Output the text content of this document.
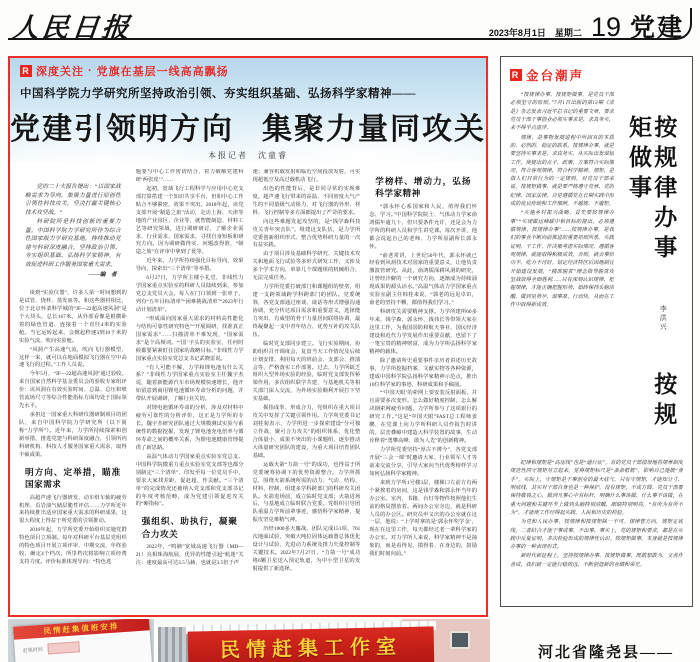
人民日报	2023年8月1日　 星期二 19 党建
R 深度关注 · 党旗在基层一线高高飘扬
中国科学院力学研究所坚持政治引领、夯实组织基础、弘扬科学家精神——
党建引领明方向 集聚力量同攻关
本报记者　沈童睿

党的二十大报告提出：“以国家战略需求为导向，集聚力量进行原创性引领性科技攻关，坚决打赢关键核心技术攻坚战。”

科研院所是科技创新的重要力量。中国科学院力学研究所作为综合性国家级力学研究基地，持续推动党建与科研深度融合，坚持政治引领、夯实组织基础、弘扬科学家精神，有效促进科研工作服务国家重大需求。

——编　者

谈到“实验仪器”，许多人第一时间想到的是试管、烧杯、蒸发皿等。和这些器材相比，位于北京怀柔科学城的“JF—22超高速风洞”是个大块头，总长167米。从外部看像是根横卧着的绿色管道，连接着一个直径4米的实验舱。当它运转起来，会掀起秒速3到10千米的实验气流，吹向实验舱。

“风洞产生高速气流，吹向飞行器模型，这样一来，就可以在地面模拟飞行器在空中高速飞行的过程。”工作人员说。

今年5月，“JF—22超高速风洞”通过验收。来自国家自然科学基金委员会的验收专家组评价：该风洞在有效实验时间、总温、总压和喷管流场尺寸等综合性能指标方面均处于国际领先水平。

承担这一国家重大科研仪器研制项目的团队，来自中国科学院力学研究所（以下简称“力学所”）。近年来，力学所持续探索和创新举措，推进党建与科研深度融合，引领所内科研机构、科技人才服务国家重大需求，取得丰硕成果。

明方向、定举措，瞄准国家需求

高超声速飞行器研发、动车组车轴的疲劳机理、页岩油气储层脆性评估……力学所近年来持续推出适应国家重大需求的科研成果，这很大程度上得益于所党委的引领推动。

2016年起，力学所党委开始组织实施党群特色项目立项制。每年对科研平台基层党组织的特色项目开展立项评审、中期交流、年终验收，确定4个档次，所里档次将影响立项经费支持力度。评价标准体现导向：“特色选

题要与中心工作密切结合，着力破解党建科研‘两张皮’”……

起初，宽域飞行工程科学与应用中心党支部打算搭建一个知识共享平台，但和中心工作贴合不够紧密，效果不突出。2018年起，该党支部开展“制造之旅”活动，走访上海、天津等地的产业园区、企业等，就智能制造、材料工艺等研究领域，进行调研研讨，了解企业需求、行业需求、国家需求，寻找自身短板和研究方向。因为调研做得实、问题改得准，“制造之旅”在评审中拿到了优等。

近年来，力学所持续强化目标导向、效果导向，探索出“三个清单”等举措。

6月27日，力学所主楼小礼堂，非线性力学国家重点实验室的科研人员陆续到来，参加党总支党员大会。每人在门口领到一张单子，列有“五年目标清单”“困难挑战清单”“2023年行动计划清单”。

“形成面向国家重大需求的材料高性能化与结构可靠性研究特色”“开展调研，找准真正国家需求”……扫描清单不难发现，“国家需求”是个高频词。“‘国’字头的实验室，任何时候都要紧紧盯住国家的战略目标。”非线性力学国家重点实验室党总支书记武晓雷说。

“有人可能不解，力学和锂电池有什么关系？”非线性力学国家重点实验室主任魏宇杰说，随着新能源汽车市场规模快速增长，他开始留意到商用锂电池循环寿命分析的问题，并带队开展调研，了解行业关切。

对锂电池循环寿命的分析，涉及对材料中疲劳可靠性的分析评价，这正是力学所的专长。魏宇杰研究团队通过大规模测试实验与系统性的数据挖掘，发现了锂电池充电倍率与循环寿命之间的概率关系，为锂电池健康管理提供了新思路。

高温气体动力学国家重点实验室党总支、中国科学院微重力重点实验室党支部等也都分别制定“三个清单”，印发至每一位党员手中，要求大家找差距、促赶超、作贡献。“三个清单”的完成情况还被纳入党支部和党支部书记的年度考核范畴，成为党建引领促进攻关的“硬指标”。

强组织、助执行，凝聚合力攻关

2022年，“鸣镝”宽域高速飞行器（MD—21）亮相珠海航展，优异的性能引起“航迷”关注：速度最高可达3.5马赫，也就是3.5倍于声

速；兼容机载发射和临近空间投放发射，可实现超低空及高过载机动飞行。

出色的性能背后，是非同寻常的实现难度。超声速飞行带来的高温、不同密度大气产生的不同量级气动阻力，对飞行器的外形、材料、飞行控制等多方面都提出了严苛的要求。

向这些难题发起攻坚的，是“钱学森科技攻关青年突击队”。组建这支队伍，是力学所党委创新组织形式、整合优势科研力量的一次有益实践。

由于项目涉及基础科学研究、关键技术攻关和地面飞行试验等多形式研发工作，又涉及多个学术方向，单靠几个课题组的机械组合，无法完成任务。

力学所党委打破部门和课题组的壁垒，组建一支跨领域跨学科跨部门的团队。党委统筹，各党支部通过座谈、谈话等形式增强沟通协调，充分传达项目需求和重要意义，选择能力突出、有威望的骨干力量居间联络协调，最终凝聚起一支中青年结合、优势互补的攻关队伍。

临时党支部同步建立。飞行实验期间，协助组织召开调度会，复盘当天工作情况及后续计划安排，利用每天的班前会、支部会、推演会等，严格落实工作部署。过去，力学所缺乏组织大型外场实验的经验，临时党支部发挥桥梁作用，多次组织联学共建，与基地机关等相关部门深入交流，为外场实验顺利开展打下坚实基础。

握指成拳、形成合力，党组织在重大项目攻关中发挥了关键引领作用。力学所党委书记刘桂菊表示，力学所进一步探索建设“分可独立作战、聚可合力攻关”的组织体系，优化整合体量小、成果不突出的小课题组，逐步推动大体量研究团队的建设，为重大项目培育团队基础。

运载火箭“力箭一号”的成功，也得益于所党委统筹协调下的优势资源整合。力学所抓总，围绕火箭系统所需的动力、气动、结构、材料、控制，组建多学科跨部门的科研攻关团队。火箭进场前，成立临时党支部；火箭进场后，与基地成立临时联合党委。党组织引导团队重温力学所前辈事迹，感悟科学家精神，提振攻坚克难精气神。

历经1000多天鏖战，团队完成151项、761次地面试验，突破大吨位固体运载器总体优化设计与试验、先进动力系统及推力矢量控制等关键技术。2022年7月27日，“力箭一号”成功将6颗卫星送入预定轨道，为中小型卫星的发射提供了新选择。

学榜样、增动力，弘扬科学家精神

“郭永怀心系国家和人民，值得我们怀念、学习。”中国科学院院士、气体动力学家俞鸿儒年逾九十，但只要条件允许，还是会为力学所的科研人员和学生讲党课。每次开讲，他都会说起自己的老师、力学所原副所长郭永怀。

“俞老常讲，上世纪50年代，郭永怀就已经看到风洞技术对国家的重要意义，让他负责激波管研究。从此，俞鸿儒深耕风洞的研究，让曾经冷僻的一个研究方向，逐渐成为持续涌现成果的源头活水。”高温气体动力学国家重点实验室副主任韩桂来说，“郭老的远见卓识，俞老的坚持不懈，都值得我们学习。”

科研攻关需要精神支撑。力学所建所60多年来，钱学森、郭永怀、钱伟长等带领大家在这里工作，为我国国防和航天事业、国民经济建设和近代力学发展作出重要贡献，也留下了一笔宝贵的精神财富，成为力学所弘扬科学家精神的载体。

除了邀请所史重要事件亲历者讲述历史故事，力学所挖掘档案、文献实物等各种资源，建成中国科学院弘扬科学家精神示范点，推出10位科学家的事迹、科研成果和手稿展。

“‘中国天眼’的索网上要安装反射面板，并且需要多次变形。怎么做好精度控制，怎么解决钢索网疲劳问题，力学所参与了这项艰巨的研究工作。”这是“中国天眼”FAST总工程师姜鹏，在党课上向力学所科研人员作报告时讲的。层峦叠嶂中建造大科学装置的故事，生动诠释着“勇攀高峰、敢为人先”的创新精神。

力学所党委坚持“厚古不薄今”，各党支部开展“三会一课”时邀请大家、行业领军人才等前来交流分享，引导大家向当代优秀榜样学习如何弘扬科学家精神。

来到力学所1号楼3层，楼梯口左前方有两个紧挨着的房间，这是钱学森和郭永怀当年的办公室。室内，书籍、台灯等物件按照他们生前的格局摆放着。两间办公室旁边，就是科研人员的办公区。研究员申义庆的办公室就在这一层，他说：“上学时拿的是‘郭永怀奖学金’，现在在这里工作，每天都经过老一辈科学家的办公室。对力学所人来说，科学家精神不是抽象的，而是看得见、摸得着、在身边的，鼓励我们时刻向前。”

R 金台潮声

“按规律办事、按规矩做事，是党员干部必须坚守的原则。”7月1日出版的第13期《求是》杂志发表习近平总书记的重要文章，要求党员干部干事创业必须实事求是、求真务实，来不得半点虚浮。

规律，是事物发展进程中所固有的本质的、必然的、稳定的联系。按规律办事，就是要坚持实事求是、求真务实，从实际出发谋划工作，使提出的点子、政策、方案符合实际情况、符合客观规律、符合科学精神。规矩，是指人们日常行为的一定规则。对党员干部来说，按规矩做事，就是要严格遵守党章、党的纪律、国家法律，自觉遵循党在长期实践中形成的优良传统和工作惯例，不越规、不逾矩。

“实施乡村振兴战略，首先要按规律办事”“实现碳达峰碳中和目标的提出，必须遵循规律、按规律办事”……按规律办事，是我们的事业不断向前推进的重要原则所系。实践证明，干工作、作决策考虑实际情况、遵循客观规律，就能取得积极成效，否则，就会事倍功半、吃力不讨好。划定经济特区后因地制宜开始建设发展，“精准脱贫”理念指导脱贫攻坚战取得全面胜利……只有深刻认识规律、把握规律，才能正确把握形势、始终保持头脑清醒，做到见势早、谋事准、行动快，从而在工作中取得新成效。

按规律办事 李洪兴 按规矩做事

纪律和规矩是“高压线”也是“通行证”。有的党员干部错误地将规章制度规范性同守规矩对立起来，觉得规矩标尺是“条条框框”，影响自己施展“身手”。实际上，守规矩是干事创业的最大底气。只有守规矩，才能知分寸、明底线，其实对干部自身也是一种保护。没有规矩，不成方圆。党员干部要保持敬畏之心，做到凡事心中有标杆，明确什么事该做、什么事不该做，在重大问题和关键环节上做到头脑特别清醒、眼睛特别明亮，“有所为有所不为”，才能使工作经得起实践、人民和历史的检验。

为党和人民办事，按规律和按规矩缺一不可。规律管方向，规矩定底线，二者结合才能干事成事、不出事。事实上，党的规矩和要求，都是在实践中反复证明、多次检验形成的规律性认识。按规矩做事，本身就是按规律办事的一种表现形式。

新时代新征程上，坚持按规律办事、按规矩做事，既敢想敢为，又善作善成，我们就一定能行稳致远，不断创造新的业绩和荣光。

民情赶集值班安排
赶集时间	民情赶集工作室	河北省隆尧县——
